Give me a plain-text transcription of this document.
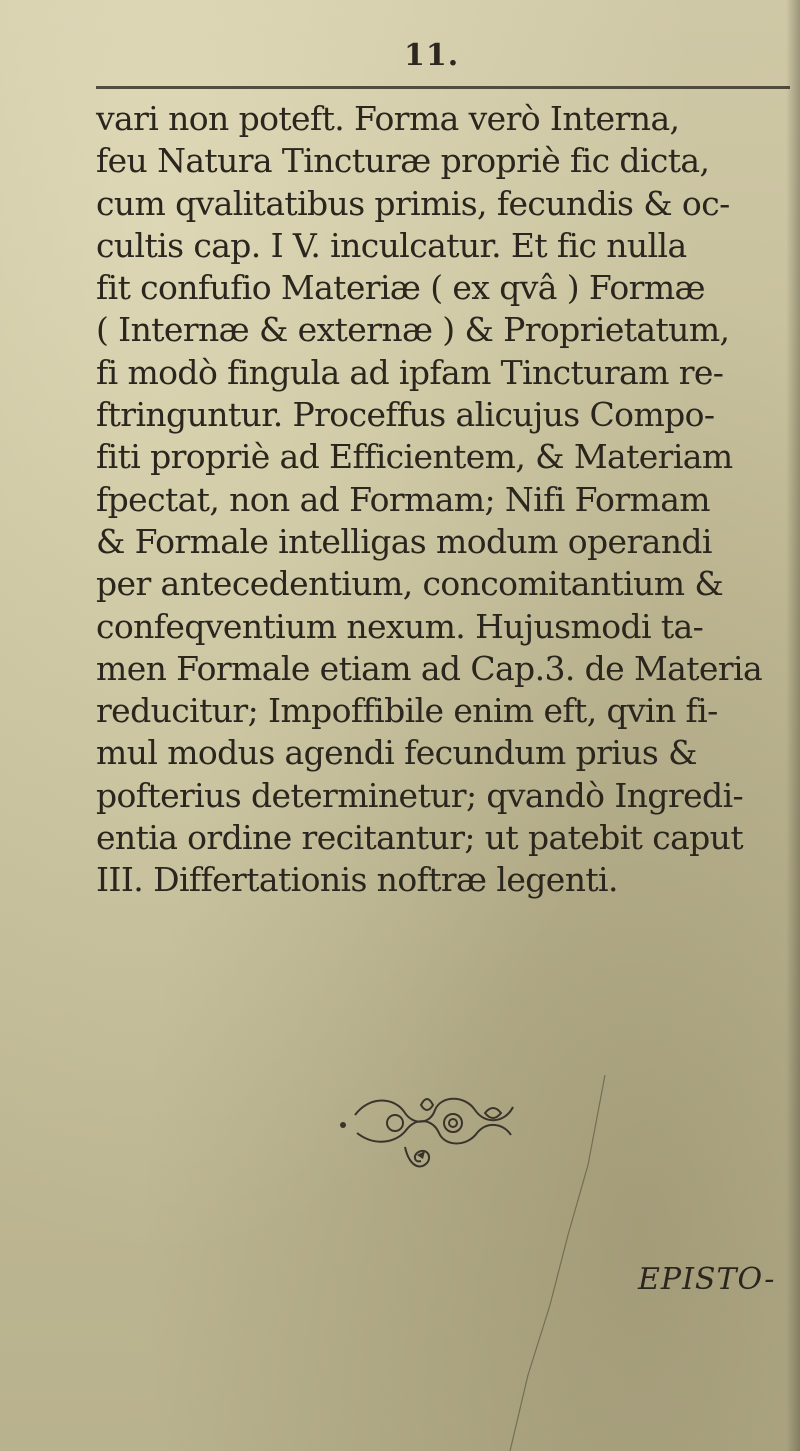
11.
vari non poteft. Forma verò Interna,
feu Natura Tincturæ propriè fic dicta,
cum qvalitatibus primis, fecundis & oc-
cultis cap. I V. inculcatur. Et fic nulla
fit confufio Materiæ ( ex qvâ ) Formæ
( Internæ & externæ ) & Proprietatum,
fi modò fingula ad ipfam Tincturam re-
ftringuntur. Proceffus alicujus Compo-
fiti propriè ad Efficientem, & Materiam
fpectat, non ad Formam; Nifi Formam
& Formale intelligas modum operandi
per antecedentium, concomitantium &
confeqventium nexum. Hujusmodi ta-
men Formale etiam ad Cap.3. de Materia
reducitur; Impoffibile enim eft, qvin fi-
mul modus agendi fecundum prius &
pofterius determinetur; qvandò Ingredi-
entia ordine recitantur; ut patebit caput
III. Differtationis noftræ legenti.
EPISTO-
